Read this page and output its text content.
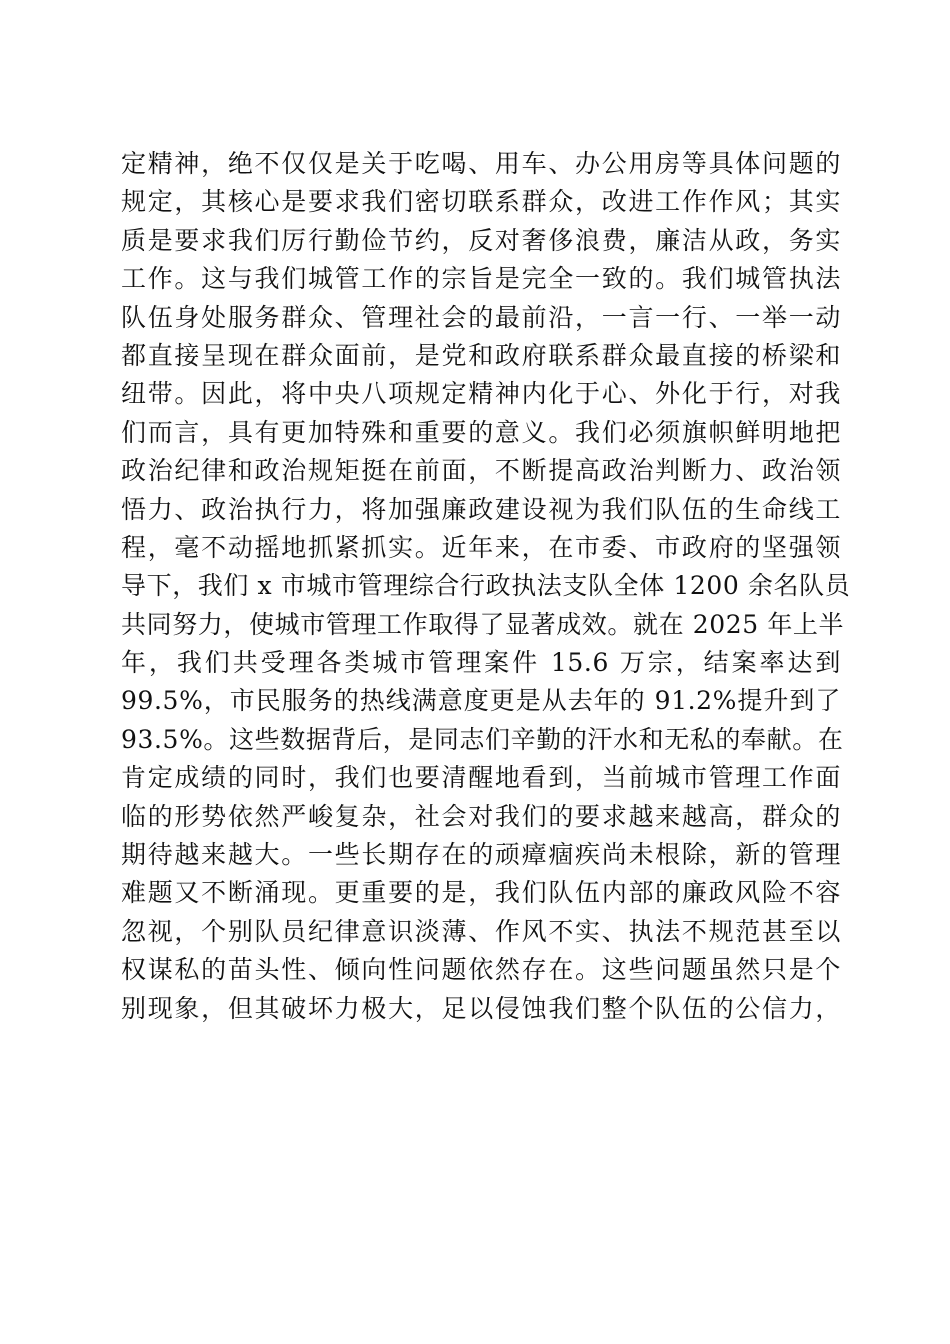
定精神，绝不仅仅是关于吃喝、用车、办公用房等具体问题的
规定，其核心是要求我们密切联系群众，改进工作作风；其实
质是要求我们厉行勤俭节约，反对奢侈浪费，廉洁从政，务实
工作。这与我们城管工作的宗旨是完全一致的。我们城管执法
队伍身处服务群众、管理社会的最前沿，一言一行、一举一动
都直接呈现在群众面前，是党和政府联系群众最直接的桥梁和
纽带。因此，将中央八项规定精神内化于心、外化于行，对我
们而言，具有更加特殊和重要的意义。我们必须旗帜鲜明地把
政治纪律和政治规矩挺在前面，不断提高政治判断力、政治领
悟力、政治执行力，将加强廉政建设视为我们队伍的生命线工
程，毫不动摇地抓紧抓实。近年来，在市委、市政府的坚强领
导下，我们 x 市城市管理综合行政执法支队全体 1200 余名队员
共同努力，使城市管理工作取得了显著成效。就在 2025 年上半
年，我们共受理各类城市管理案件 15.6 万宗，结案率达到
99.5%，市民服务的热线满意度更是从去年的 91.2%提升到了
93.5%。这些数据背后，是同志们辛勤的汗水和无私的奉献。在
肯定成绩的同时，我们也要清醒地看到，当前城市管理工作面
临的形势依然严峻复杂，社会对我们的要求越来越高，群众的
期待越来越大。一些长期存在的顽瘴痼疾尚未根除，新的管理
难题又不断涌现。更重要的是，我们队伍内部的廉政风险不容
忽视，个别队员纪律意识淡薄、作风不实、执法不规范甚至以
权谋私的苗头性、倾向性问题依然存在。这些问题虽然只是个
别现象，但其破坏力极大，足以侵蚀我们整个队伍的公信力，
